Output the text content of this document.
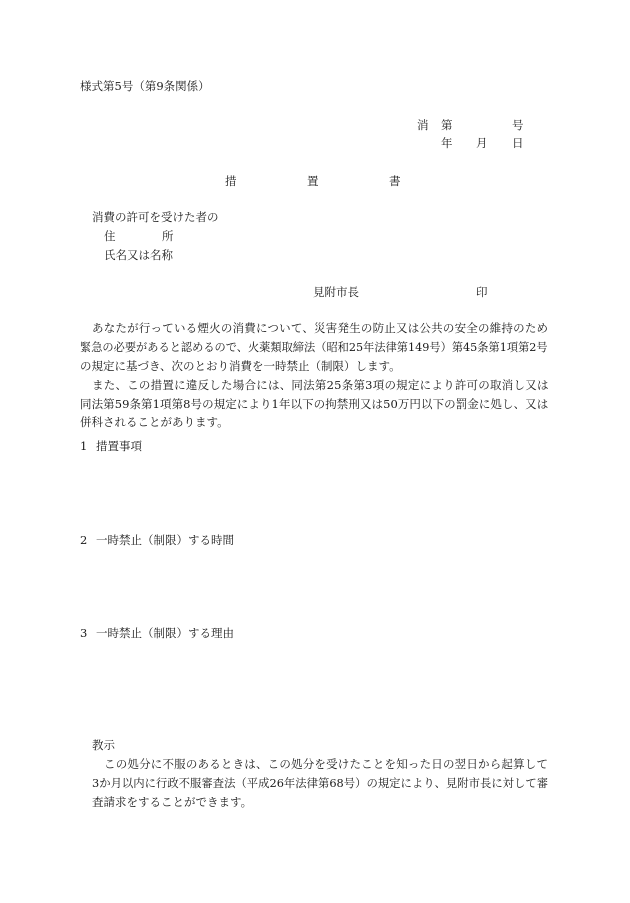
様式第5号（第9条関係）
消 第	号
年 月 日
措	置	書
消費の許可を受けた者の
住	所
氏名又は名称
見附市長	印
あなたが行っている煙火の消費について、災害発生の防止又は公共の安全の維持のため
緊急の必要があると認めるので、火薬類取締法（昭和25年法律第149号）第45条第1項第2号
の規定に基づき、次のとおり消費を一時禁止（制限）します。
また、この措置に違反した場合には、同法第25条第3項の規定により許可の取消し又は
同法第59条第1項第8号の規定により1年以下の拘禁刑又は50万円以下の罰金に処し、又は
併科されることがあります。
1 措置事項
2 一時禁止（制限）する時間
3 一時禁止（制限）する理由
教示
この処分に不服のあるときは、この処分を受けたことを知った日の翌日から起算して
3か月以内に行政不服審査法（平成26年法律第68号）の規定により、見附市長に対して審
査請求をすることができます。
